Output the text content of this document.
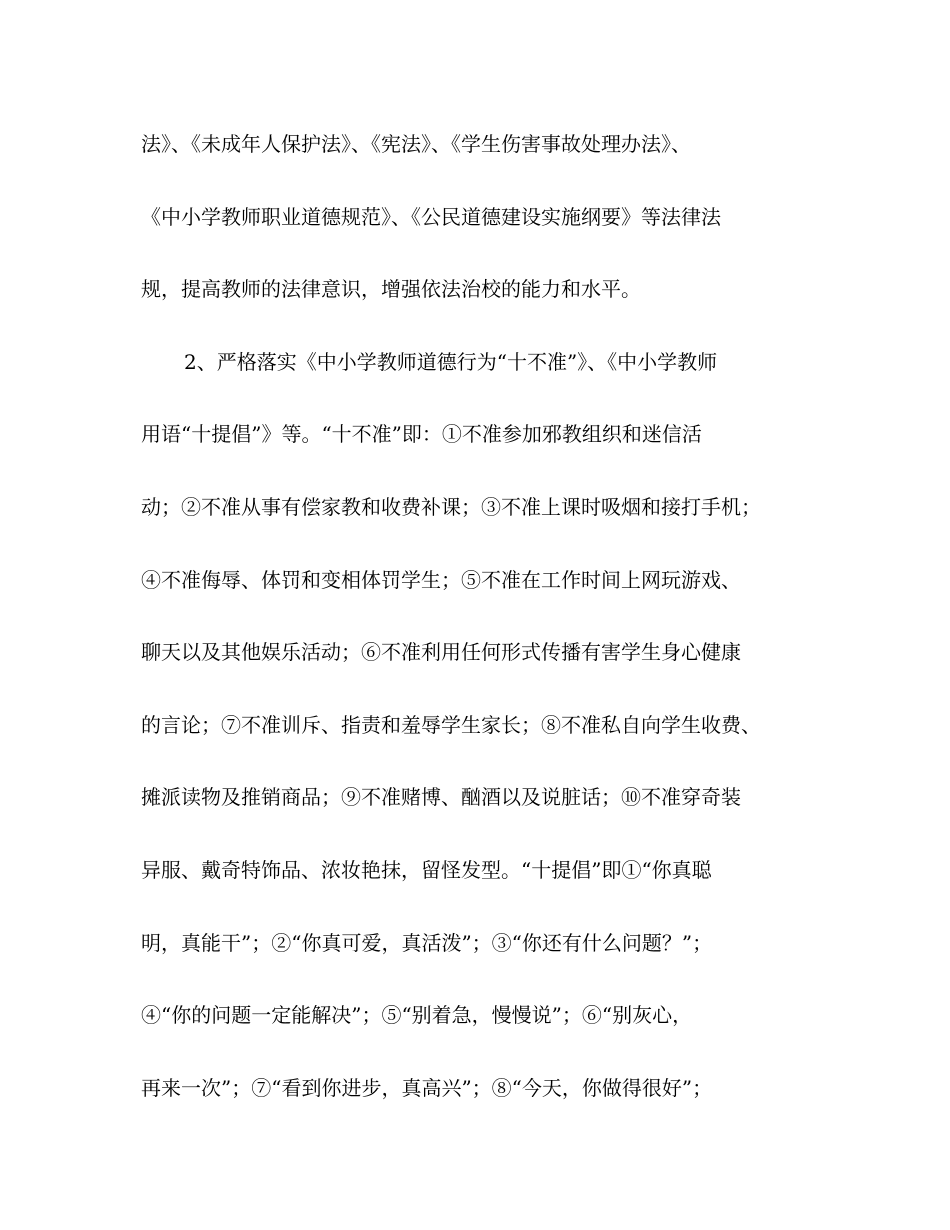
法》、《未成年人保护法》、《宪法》、《学生伤害事故处理办法》、
《中小学教师职业道德规范》、《公民道德建设实施纲要》等法律法
规，提高教师的法律意识，增强依法治校的能力和水平。
2、严格落实《中小学教师道德行为“十不准”》、《中小学教师
用语“十提倡”》等。“十不准”即：①不准参加邪教组织和迷信活
动；②不准从事有偿家教和收费补课；③不准上课时吸烟和接打手机；
④不准侮辱、体罚和变相体罚学生；⑤不准在工作时间上网玩游戏、
聊天以及其他娱乐活动；⑥不准利用任何形式传播有害学生身心健康
的言论；⑦不准训斥、指责和羞辱学生家长；⑧不准私自向学生收费、
摊派读物及推销商品；⑨不准赌博、酗酒以及说脏话；⑩不准穿奇装
异服、戴奇特饰品、浓妆艳抹，留怪发型。“十提倡”即①“你真聪
明，真能干”；②“你真可爱，真活泼”；③“你还有什么问题？”；
④“你的问题一定能解决”；⑤“别着急，慢慢说”；⑥“别灰心，
再来一次”；⑦“看到你进步，真高兴”；⑧“今天，你做得很好”；
